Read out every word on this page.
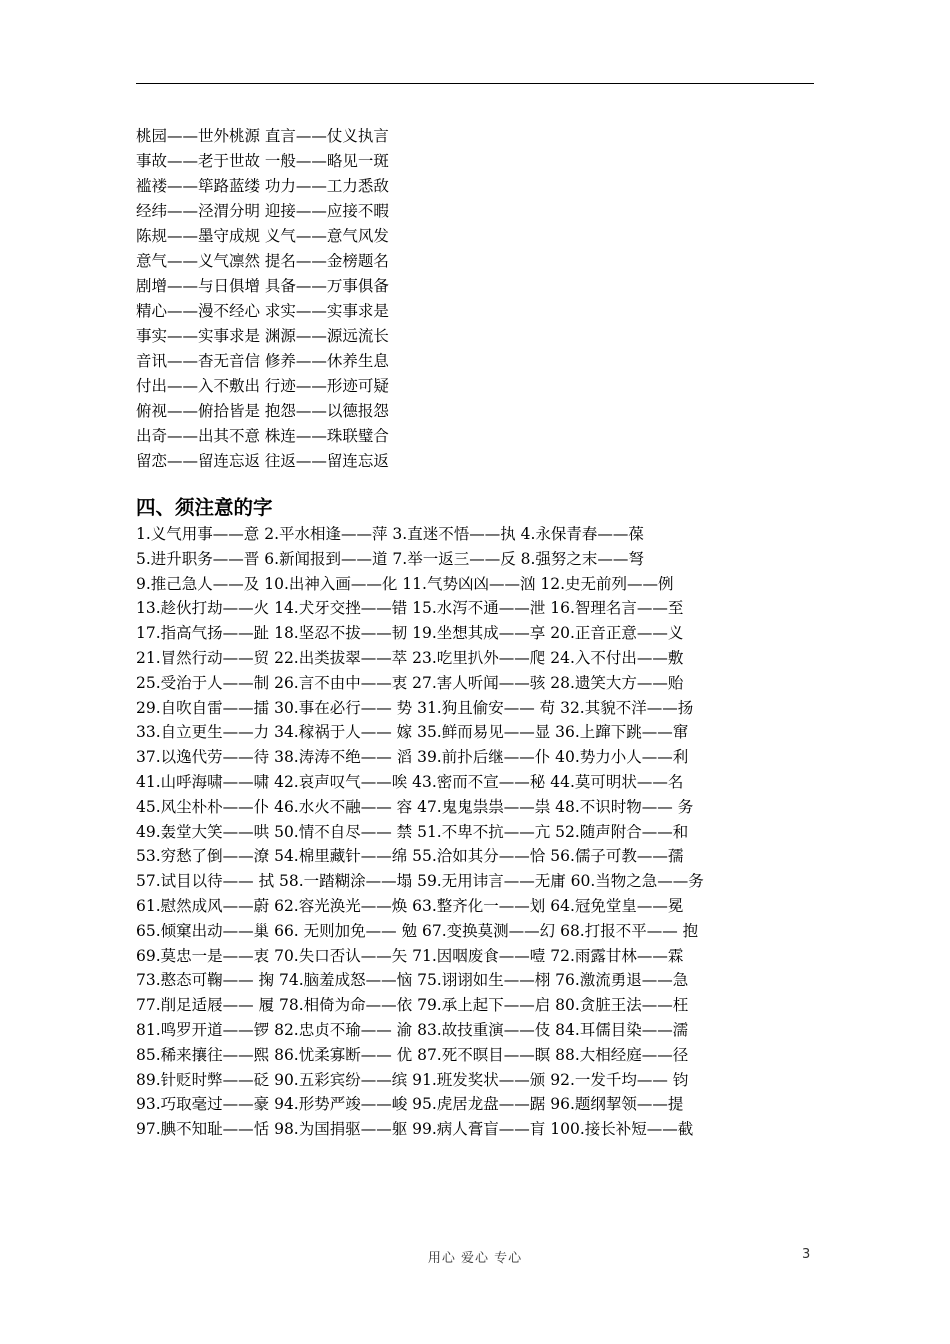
桃园——世外桃源 直言——仗义执言
事故——老于世故 一般——略见一斑
褴褛——筚路蓝缕 功力——工力悉敌
经纬——泾渭分明 迎接——应接不暇
陈规——墨守成规 义气——意气风发
意气——义气凛然 提名——金榜题名
剧增——与日俱增 具备——万事俱备
精心——漫不经心 求实——实事求是
事实——实事求是 渊源——源远流长
音讯——杳无音信 修养——休养生息
付出——入不敷出 行迹——形迹可疑
俯视——俯拾皆是 抱怨——以德报怨
出奇——出其不意 株连——珠联璧合
留恋——留连忘返 往返——留连忘返
四、须注意的字
1.义气用事——意 2.平水相逢——萍 3.直迷不悟——执 4.永保青春——葆
5.进升职务——晋 6.新闻报到——道 7.举一返三——反 8.强努之末——弩
9.推己急人——及 10.出神入画——化 11.气势凶凶——汹 12.史无前列——例
13.趁伙打劫——火 14.犬牙交挫——错 15.水泻不通——泄 16.智理名言——至
17.指高气扬——趾 18.坚忍不拔——韧 19.坐想其成——享 20.正音正意——义
21.冒然行动——贸 22.出类拔翠——萃 23.吃里扒外——爬 24.入不付出——敷
25.受治于人——制 26.言不由中——衷 27.害人听闻——骇 28.遗笑大方——贻
29.自吹自雷——擂 30.事在必行—— 势 31.狗且偷安—— 苟 32.其貌不洋——扬
33.自立更生——力 34.稼祸于人—— 嫁 35.鲜而易见——显 36.上蹿下跳——窜
37.以逸代劳——待 38.涛涛不绝—— 滔 39.前扑后继——仆 40.势力小人——利
41.山呼海啸——啸 42.哀声叹气——唉 43.密而不宣——秘 44.莫可明状——名
45.风尘朴朴——仆 46.水火不融—— 容 47.鬼鬼祟祟——祟 48.不识时物—— 务
49.轰堂大笑——哄 50.情不自尽—— 禁 51.不卑不抗——亢 52.随声附合——和
53.穷愁了倒——潦 54.棉里藏针——绵 55.洽如其分——恰 56.儒子可教——孺
57.试目以待—— 拭 58.一踏糊涂——塌 59.无用讳言——无庸 60.当物之急——务
61.慰然成风——蔚 62.容光涣光——焕 63.整齐化一——划 64.冠免堂皇——冕
65.倾窠出动——巢 66. 无则加免—— 勉 67.变换莫测——幻 68.打报不平—— 抱
69.莫忠一是——衷 70.失口否认——矢 71.因咽废食——噎 72.雨露甘林——霖
73.憨态可鞠—— 掬 74.脑羞成怒——恼 75.诩诩如生——栩 76.激流勇退——急
77.削足适屐—— 履 78.相倚为命——依 79.承上起下——启 80.贪脏王法——枉
81.鸣罗开道——锣 82.忠贞不瑜—— 渝 83.故技重演——伎 84.耳儒目染——濡
85.稀来攘往——熙 86.忧柔寡断—— 优 87.死不暝目——瞑 88.大相经庭——径
89.针贬时弊——砭 90.五彩宾纷——缤 91.班发奖状——颁 92.一发千均—— 钧
93.巧取毫过——豪 94.形势严竣——峻 95.虎居龙盘——踞 96.题纲挈领——提
97.腆不知耻——恬 98.为国捐驱——躯 99.病人膏盲——肓 100.接长补短——截
用心 爱心 专心	3
